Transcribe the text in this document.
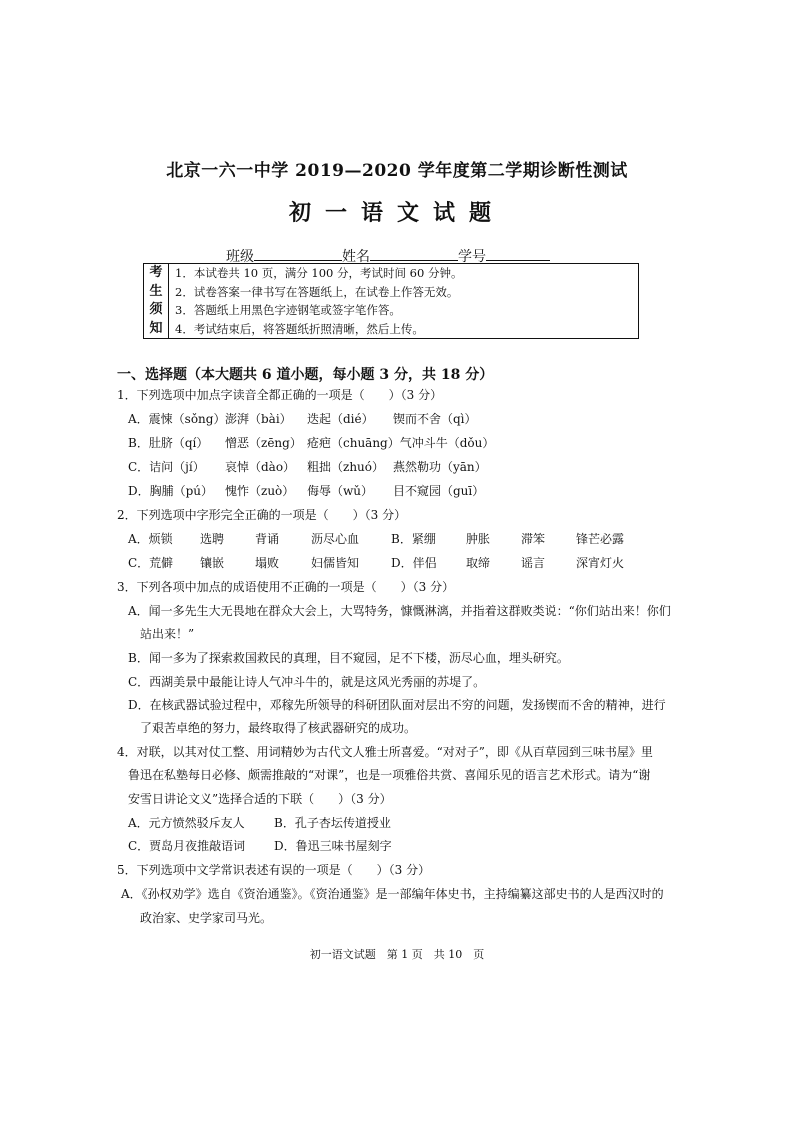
北京一六一中学 2019—2020 学年度第二学期诊断性测试
初一语文试题
班级	姓名	学号
考
生
须
知
1．本试卷共 10 页，满分 100 分，考试时间 60 分钟。
2．试卷答案一律书写在答题纸上，在试卷上作答无效。
3．答题纸上用黑色字迹钢笔或签字笔作答。
4．考试结束后，将答题纸折照清晰，然后上传。
一、选择题（本大题共 6 道小题，每小题 3 分，共 18 分）
1．下列选项中加点字读音全都正确的一项是（　　）（3 分）
A．震悚（sǒng）澎湃（bài） 迭起（dié） 锲而不舍（qì）
B．肚脐（qí） 憎恶（zēng） 疮疤（chuāng）气冲斗牛（dǒu）
C．诘问（jí） 哀悼（dào） 粗拙（zhuó） 燕然勒功（yān）
D．胸脯（pú） 愧怍（zuò） 侮辱（wǔ） 目不窥园（guī）
2．下列选项中字形完全正确的一项是（　　）（3 分）
A．烦锁 选聘	背诵	沥尽心血	B．紧绷	肿胀	滞笨	锋芒必露
C．荒僻 镶嵌	塌败	妇儒皆知	D．伴侣 取缔	谣言	深宵灯火
3．下列各项中加点的成语使用不正确的一项是（　　）（3 分）
A．闻一多先生大无畏地在群众大会上，大骂特务，慷慨淋漓，并指着这群败类说：“你们站出来！你们
站出来！”
B．闻一多为了探索救国救民的真理，目不窥园，足不下楼，沥尽心血，埋头研究。
C．西湖美景中最能让诗人气冲斗牛的，就是这风光秀丽的苏堤了。
D．在核武器试验过程中，邓稼先所领导的科研团队面对层出不穷的问题，发扬锲而不舍的精神，进行
了艰苦卓绝的努力，最终取得了核武器研究的成功。
4．对联，以其对仗工整、用词精妙为古代文人雅士所喜爱。“对对子”，即《从百草园到三味书屋》里
鲁迅在私塾每日必修、颇需推敲的“对课”，也是一项雅俗共赏、喜闻乐见的语言艺术形式。请为“谢
安雪日讲论文义”选择合适的下联（　　）（3 分）
A．元方愤然驳斥友人 B．孔子杏坛传道授业
C．贾岛月夜推敲语词 D．鲁迅三味书屋刻字
5．下列选项中文学常识表述有误的一项是（　　）（3 分）
A．《孙权劝学》选自《资治通鉴》。《资治通鉴》是一部编年体史书，主持编纂这部史书的人是西汉时的
政治家、史学家司马光。
初一语文试题　第 1 页　共 10　页
